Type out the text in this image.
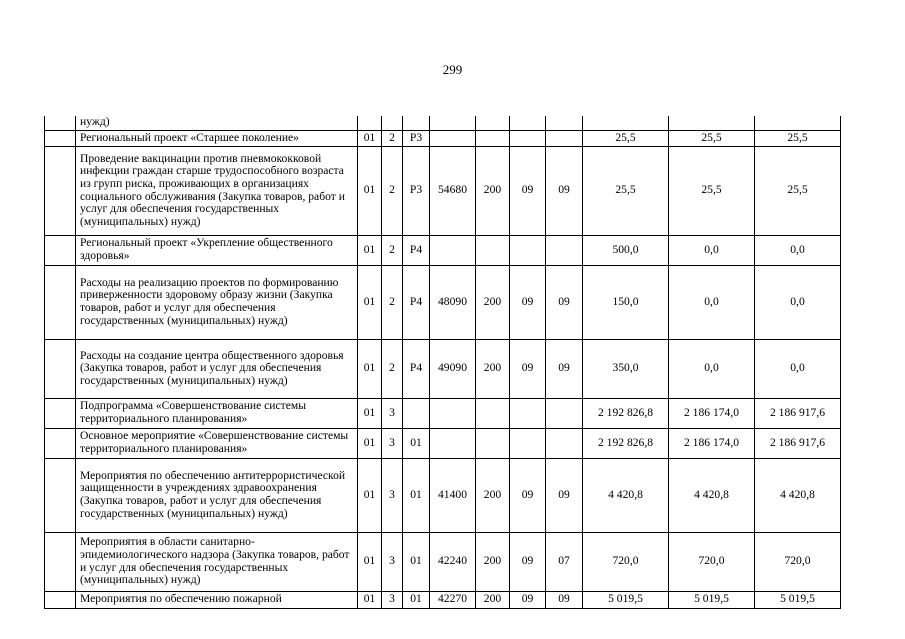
299
	нужд)										
	Региональный проект «Старшее поколение»	01	2	Р3					25,5	25,5	25,5
	Проведение вакцинации против пневмококковой инфекции граждан старше трудоспособного возраста из групп риска, проживающих в организациях социального обслуживания (Закупка товаров, работ и услуг для обеспечения государственных (муниципальных) нужд)	01	2	Р3	54680	200	09	09	25,5	25,5	25,5
	Региональный проект «Укрепление общественного здоровья»	01	2	Р4					500,0	0,0	0,0
	Расходы на реализацию проектов по формированию приверженности здоровому образу жизни (Закупка товаров, работ и услуг для обеспечения государственных (муниципальных) нужд)	01	2	Р4	48090	200	09	09	150,0	0,0	0,0
	Расходы на создание центра общественного здоровья (Закупка товаров, работ и услуг для обеспечения государственных (муниципальных) нужд)	01	2	Р4	49090	200	09	09	350,0	0,0	0,0
	Подпрограмма «Совершенствование системы территориального планирования»	01	3						2 192 826,8	2 186 174,0	2 186 917,6
	Основное мероприятие «Совершенствование системы территориального планирования»	01	3	01					2 192 826,8	2 186 174,0	2 186 917,6
	Мероприятия по обеспечению антитеррористической защищенности в учреждениях здравоохранения (Закупка товаров, работ и услуг для обеспечения государственных (муниципальных) нужд)	01	3	01	41400	200	09	09	4 420,8	4 420,8	4 420,8
	Мероприятия в области санитарно-эпидемиологического надзора (Закупка товаров, работ и услуг для обеспечения государственных (муниципальных) нужд)	01	3	01	42240	200	09	07	720,0	720,0	720,0
	Мероприятия по обеспечению пожарной	01	3	01	42270	200	09	09	5 019,5	5 019,5	5 019,5
